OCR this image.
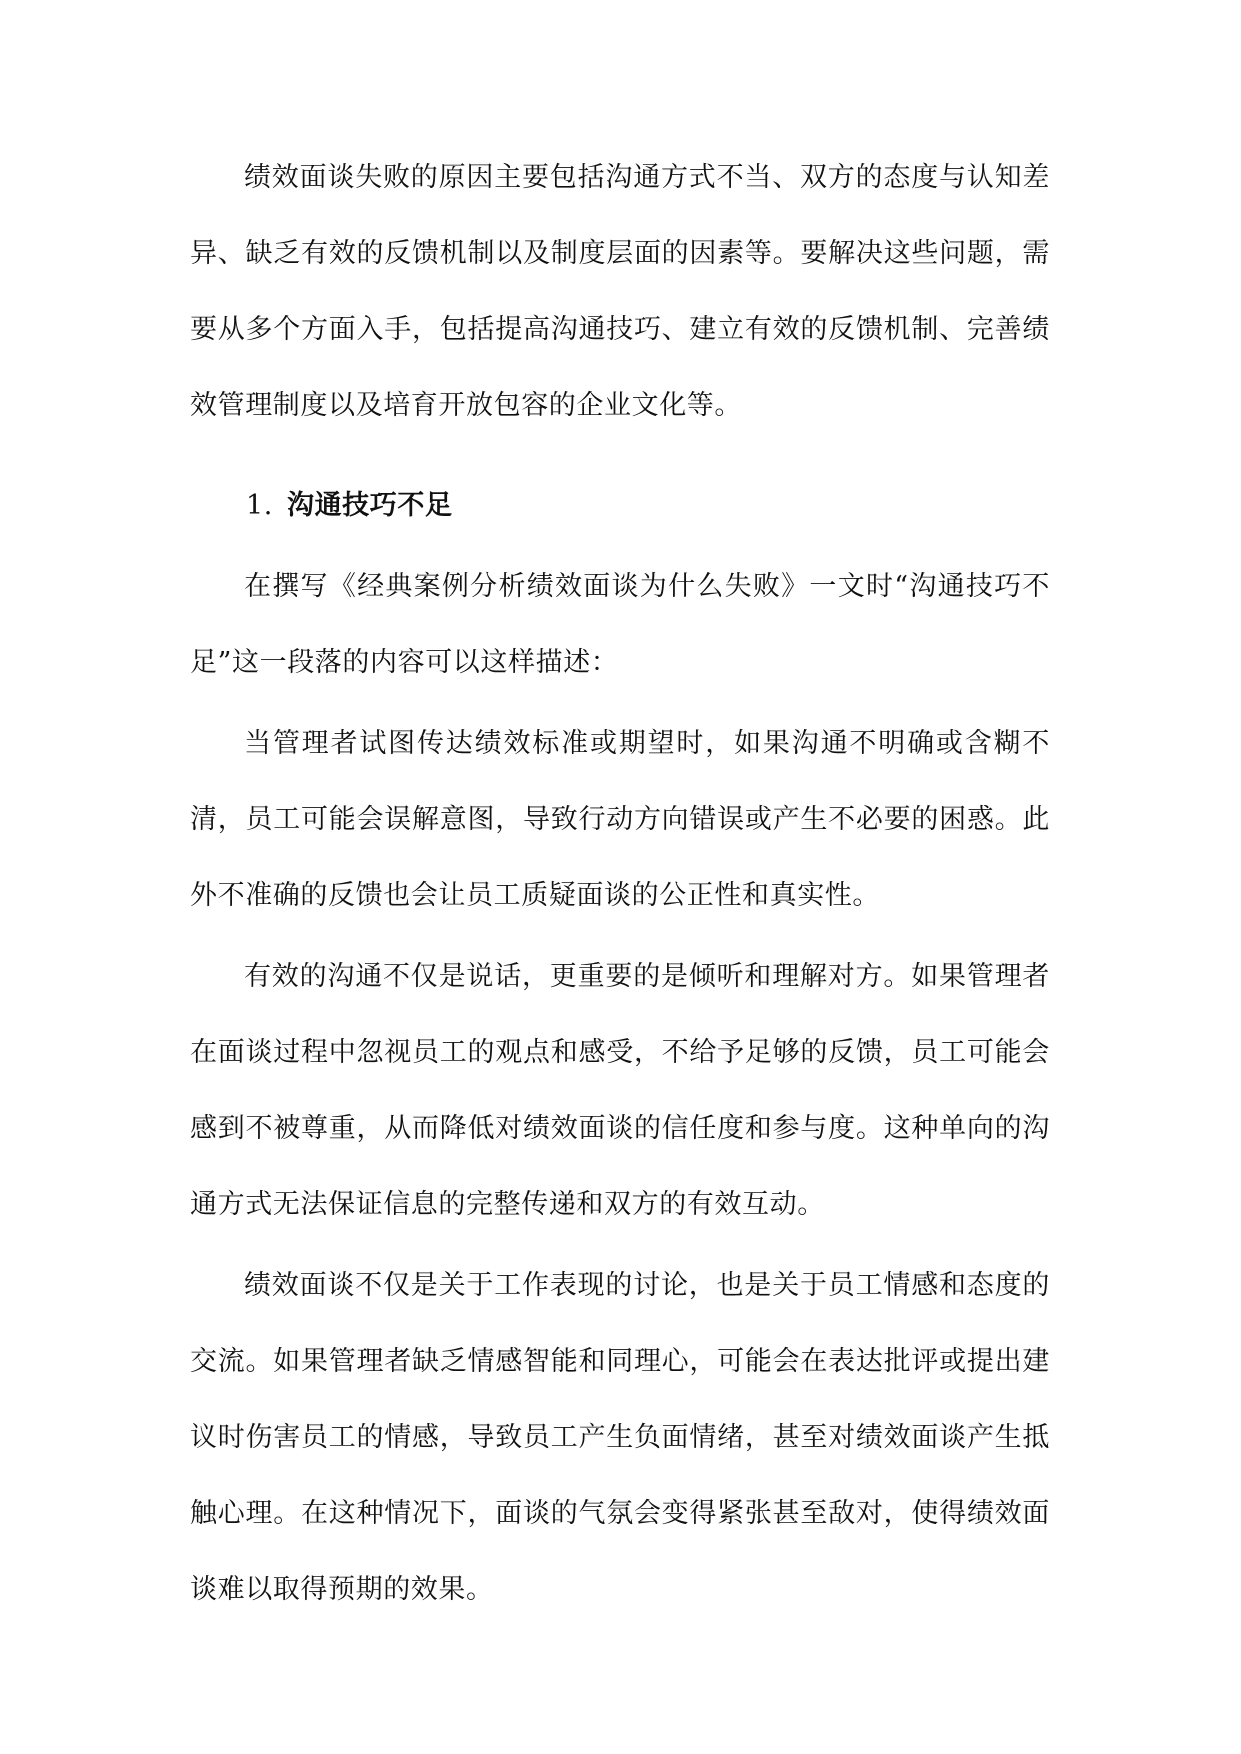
绩效面谈失败的原因主要包括沟通方式不当、双方的态度与认知差异、缺乏有效的反馈机制以及制度层面的因素等。要解决这些问题，需要从多个方面入手，包括提高沟通技巧、建立有效的反馈机制、完善绩效管理制度以及培育开放包容的企业文化等。

1. 沟通技巧不足

在撰写《经典案例分析绩效面谈为什么失败》一文时“沟通技巧不足”这一段落的内容可以这样描述：

当管理者试图传达绩效标准或期望时，如果沟通不明确或含糊不清，员工可能会误解意图，导致行动方向错误或产生不必要的困惑。此外不准确的反馈也会让员工质疑面谈的公正性和真实性。

有效的沟通不仅是说话，更重要的是倾听和理解对方。如果管理者在面谈过程中忽视员工的观点和感受，不给予足够的反馈，员工可能会感到不被尊重，从而降低对绩效面谈的信任度和参与度。这种单向的沟通方式无法保证信息的完整传递和双方的有效互动。

绩效面谈不仅是关于工作表现的讨论，也是关于员工情感和态度的交流。如果管理者缺乏情感智能和同理心，可能会在表达批评或提出建议时伤害员工的情感，导致员工产生负面情绪，甚至对绩效面谈产生抵触心理。在这种情况下，面谈的气氛会变得紧张甚至敌对，使得绩效面谈难以取得预期的效果。
